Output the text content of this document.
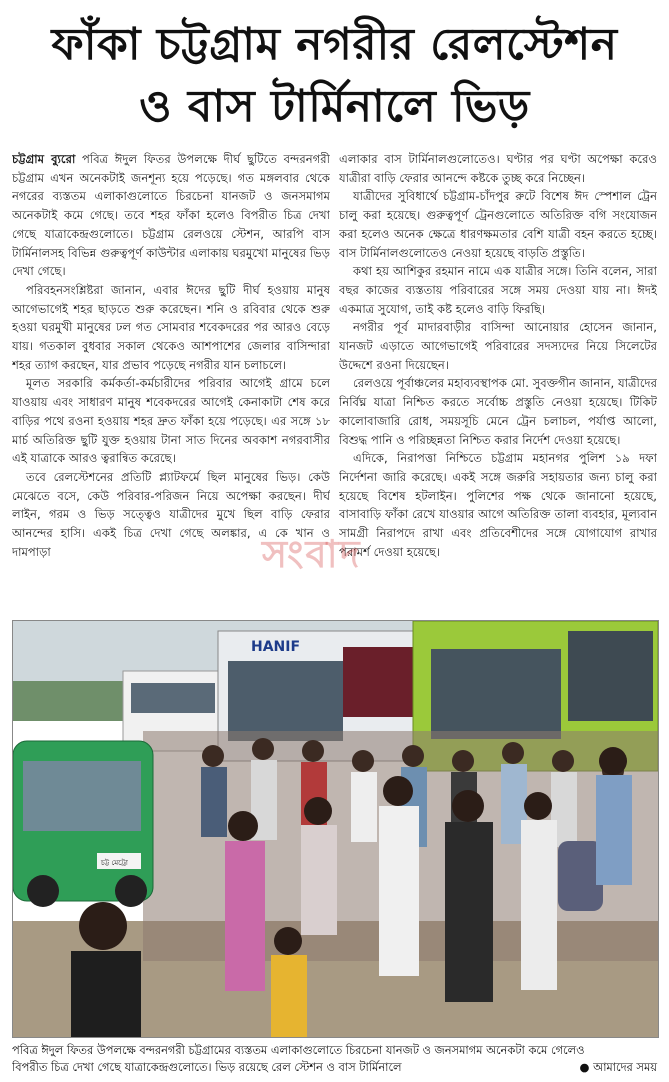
ফাঁকা চট্টগ্রাম নগরীর রেলস্টেশন
ও বাস টার্মিনালে ভিড়

চট্টগ্রাম ব্যুরো পবিত্র ঈদুল ফিতর উপলক্ষে দীর্ঘ ছুটিতে বন্দরনগরী চট্টগ্রাম এখন অনেকটাই জনশূন্য হয়ে পড়েছে। গত মঙ্গলবার থেকে নগরের ব্যস্ততম এলাকাগুলোতে চিরচেনা যানজট ও জনসমাগম অনেকটাই কমে গেছে। তবে শহর ফাঁকা হলেও বিপরীত চিত্র দেখা গেছে যাত্রাকেন্দ্রগুলোতে। চট্টগ্রাম রেলওয়ে স্টেশন, আরপি বাস টার্মিনালসহ বিভিন্ন গুরুত্বপূর্ণ কাউন্টার এলাকায় ঘরমুখো মানুষের ভিড় দেখা গেছে।

পরিবহনসংশ্লিষ্টরা জানান, এবার ঈদের ছুটি দীর্ঘ হওয়ায় মানুষ আগেভাগেই শহর ছাড়তে শুরু করেছেন। শনি ও রবিবার থেকে শুরু হওয়া ঘরমুখী মানুষের ঢল গত সোমবার শবেকদরের পর আরও বেড়ে যায়। গতকাল বুধবার সকাল থেকেও আশপাশের জেলার বাসিন্দারা শহর ত্যাগ করছেন, যার প্রভাব পড়েছে নগরীর যান চলাচলে।

মূলত সরকারি কর্মকর্তা-কর্মচারীদের পরিবার আগেই গ্রামে চলে যাওয়ায় এবং সাধারণ মানুষ শবেকদরের আগেই কেনাকাটা শেষ করে বাড়ির পথে রওনা হওয়ায় শহর দ্রুত ফাঁকা হয়ে পড়েছে। এর সঙ্গে ১৮ মার্চ অতিরিক্ত ছুটি যুক্ত হওয়ায় টানা সাত দিনের অবকাশ নগরবাসীর এই যাত্রাকে আরও ত্বরান্বিত করেছে।

তবে রেলস্টেশনের প্রতিটি প্ল্যাটফর্মে ছিল মানুষের ভিড়। কেউ মেঝেতে বসে, কেউ পরিবার-পরিজন নিয়ে অপেক্ষা করছেন। দীর্ঘ লাইন, গরম ও ভিড় সত্ত্বেও যাত্রীদের মুখে ছিল বাড়ি ফেরার আনন্দের হাসি। একই চিত্র দেখা গেছে অলঙ্কার, এ কে খান ও দামপাড়া

এলাকার বাস টার্মিনালগুলোতেও। ঘণ্টার পর ঘণ্টা অপেক্ষা করেও যাত্রীরা বাড়ি ফেরার আনন্দে কষ্টকে তুচ্ছ করে নিচ্ছেন।

যাত্রীদের সুবিধার্থে চট্টগ্রাম-চাঁদপুর রুটে বিশেষ ঈদ স্পেশাল ট্রেন চালু করা হয়েছে। গুরুত্বপূর্ণ ট্রেনগুলোতে অতিরিক্ত বগি সংযোজন করা হলেও অনেক ক্ষেত্রে ধারণক্ষমতার বেশি যাত্রী বহন করতে হচ্ছে। বাস টার্মিনালগুলোতেও নেওয়া হয়েছে বাড়তি প্রস্তুতি।

কথা হয় আশিকুর রহমান নামে এক যাত্রীর সঙ্গে। তিনি বলেন, সারা বছর কাজের ব্যস্ততায় পরিবারের সঙ্গে সময় দেওয়া যায় না। ঈদই একমাত্র সুযোগ, তাই কষ্ট হলেও বাড়ি ফিরছি।

নগরীর পূর্ব মাদারবাড়ীর বাসিন্দা আনোয়ার হোসেন জানান, যানজট এড়াতে আগেভাগেই পরিবারের সদস্যদের নিয়ে সিলেটের উদ্দেশে রওনা দিয়েছেন।

রেলওয়ে পূর্বাঞ্চলের মহাব্যবস্থাপক মো. সুবক্তগীন জানান, যাত্রীদের নির্বিঘ্ন যাত্রা নিশ্চিত করতে সর্বোচ্চ প্রস্তুতি নেওয়া হয়েছে। টিকিট কালোবাজারি রোধ, সময়সূচি মেনে ট্রেন চলাচল, পর্যাপ্ত আলো, বিশুদ্ধ পানি ও পরিচ্ছন্নতা নিশ্চিত করার নির্দেশ দেওয়া হয়েছে।

এদিকে, নিরাপত্তা নিশ্চিতে চট্টগ্রাম মহানগর পুলিশ ১৯ দফা নির্দেশনা জারি করেছে। একই সঙ্গে জরুরি সহায়তার জন্য চালু করা হয়েছে বিশেষ হটলাইন। পুলিশের পক্ষ থেকে জানানো হয়েছে, বাসাবাড়ি ফাঁকা রেখে যাওয়ার আগে অতিরিক্ত তালা ব্যবহার, মূল্যবান সামগ্রী নিরাপদে রাখা এবং প্রতিবেশীদের সঙ্গে যোগাযোগ রাখার পরামর্শ দেওয়া হয়েছে।

সংবাদ
HANIF
চট্ট মেট্রো
পবিত্র ঈদুল ফিতর উপলক্ষে বন্দরনগরী চট্টগ্রামের ব্যস্ততম এলাকাগুলোতে চিরচেনা যানজট ও জনসমাগম অনেকটা কমে গেলেও
বিপরীত চিত্র দেখা গেছে যাত্রাকেন্দ্রগুলোতে। ভিড় রয়েছে রেল স্টেশন ও বাস টার্মিনালে	● আমাদের সময়
